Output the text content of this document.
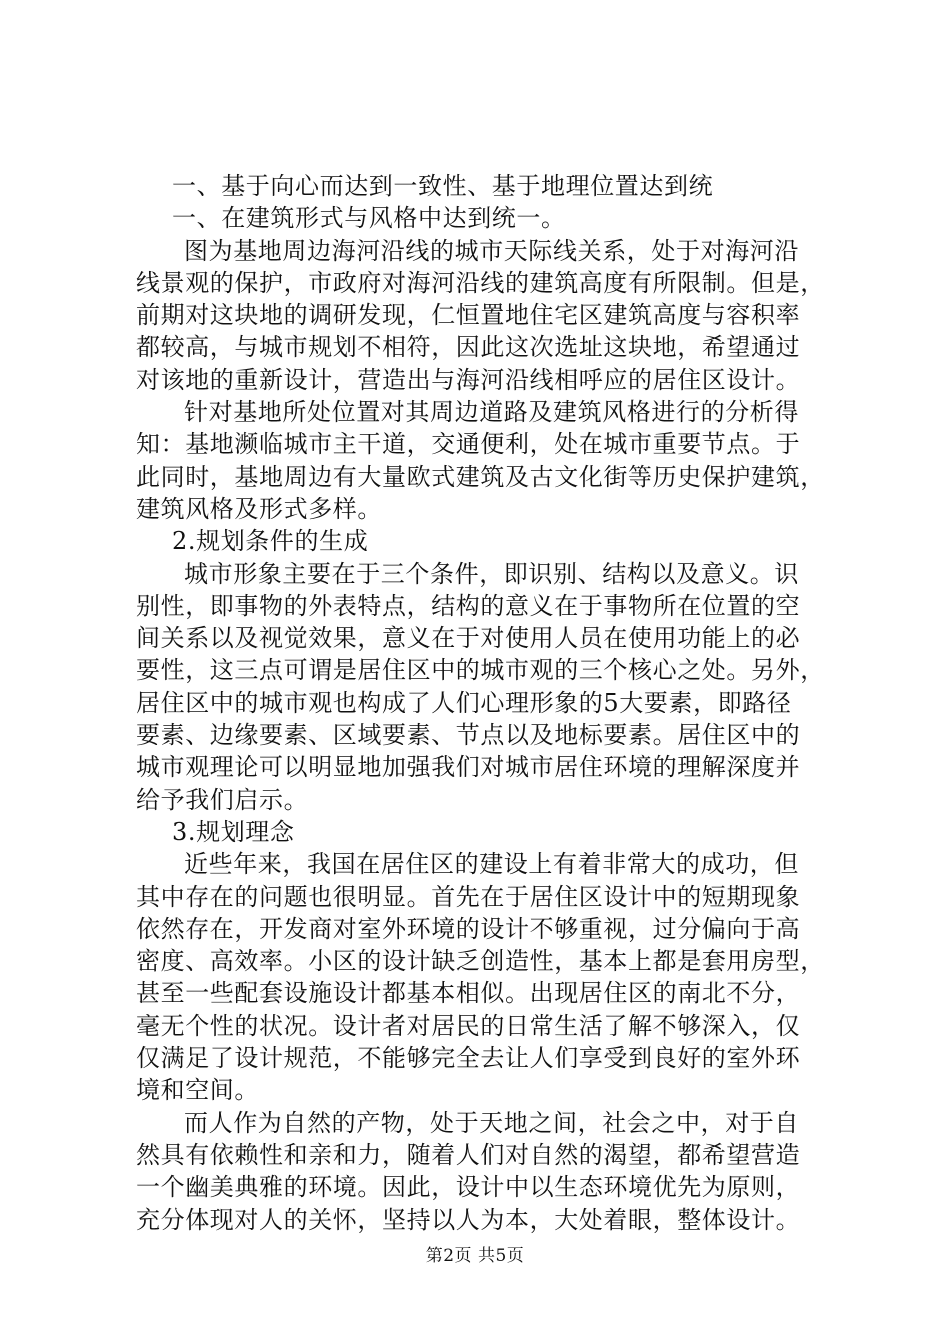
一、基于向心而达到一致性、基于地理位置达到统
一、在建筑形式与风格中达到统一。
图为基地周边海河沿线的城市天际线关系，处于对海河沿
线景观的保护，市政府对海河沿线的建筑高度有所限制。但是，
前期对这块地的调研发现，仁恒置地住宅区建筑高度与容积率
都较高，与城市规划不相符，因此这次选址这块地，希望通过
对该地的重新设计，营造出与海河沿线相呼应的居住区设计。
针对基地所处位置对其周边道路及建筑风格进行的分析得
知：基地濒临城市主干道，交通便利，处在城市重要节点。于
此同时，基地周边有大量欧式建筑及古文化街等历史保护建筑，
建筑风格及形式多样。
2.规划条件的生成
城市形象主要在于三个条件，即识别、结构以及意义。识
别性，即事物的外表特点，结构的意义在于事物所在位置的空
间关系以及视觉效果，意义在于对使用人员在使用功能上的必
要性，这三点可谓是居住区中的城市观的三个核心之处。另外，
居住区中的城市观也构成了人们心理形象的5大要素，即路径
要素、边缘要素、区域要素、节点以及地标要素。居住区中的
城市观理论可以明显地加强我们对城市居住环境的理解深度并
给予我们启示。
3.规划理念
近些年来，我国在居住区的建设上有着非常大的成功，但
其中存在的问题也很明显。首先在于居住区设计中的短期现象
依然存在，开发商对室外环境的设计不够重视，过分偏向于高
密度、高效率。小区的设计缺乏创造性，基本上都是套用房型，
甚至一些配套设施设计都基本相似。出现居住区的南北不分，
毫无个性的状况。设计者对居民的日常生活了解不够深入，仅
仅满足了设计规范，不能够完全去让人们享受到良好的室外环
境和空间。
而人作为自然的产物，处于天地之间，社会之中，对于自
然具有依赖性和亲和力，随着人们对自然的渴望，都希望营造
一个幽美典雅的环境。因此，设计中以生态环境优先为原则，
充分体现对人的关怀，坚持以人为本，大处着眼，整体设计。
第2页 共5页
